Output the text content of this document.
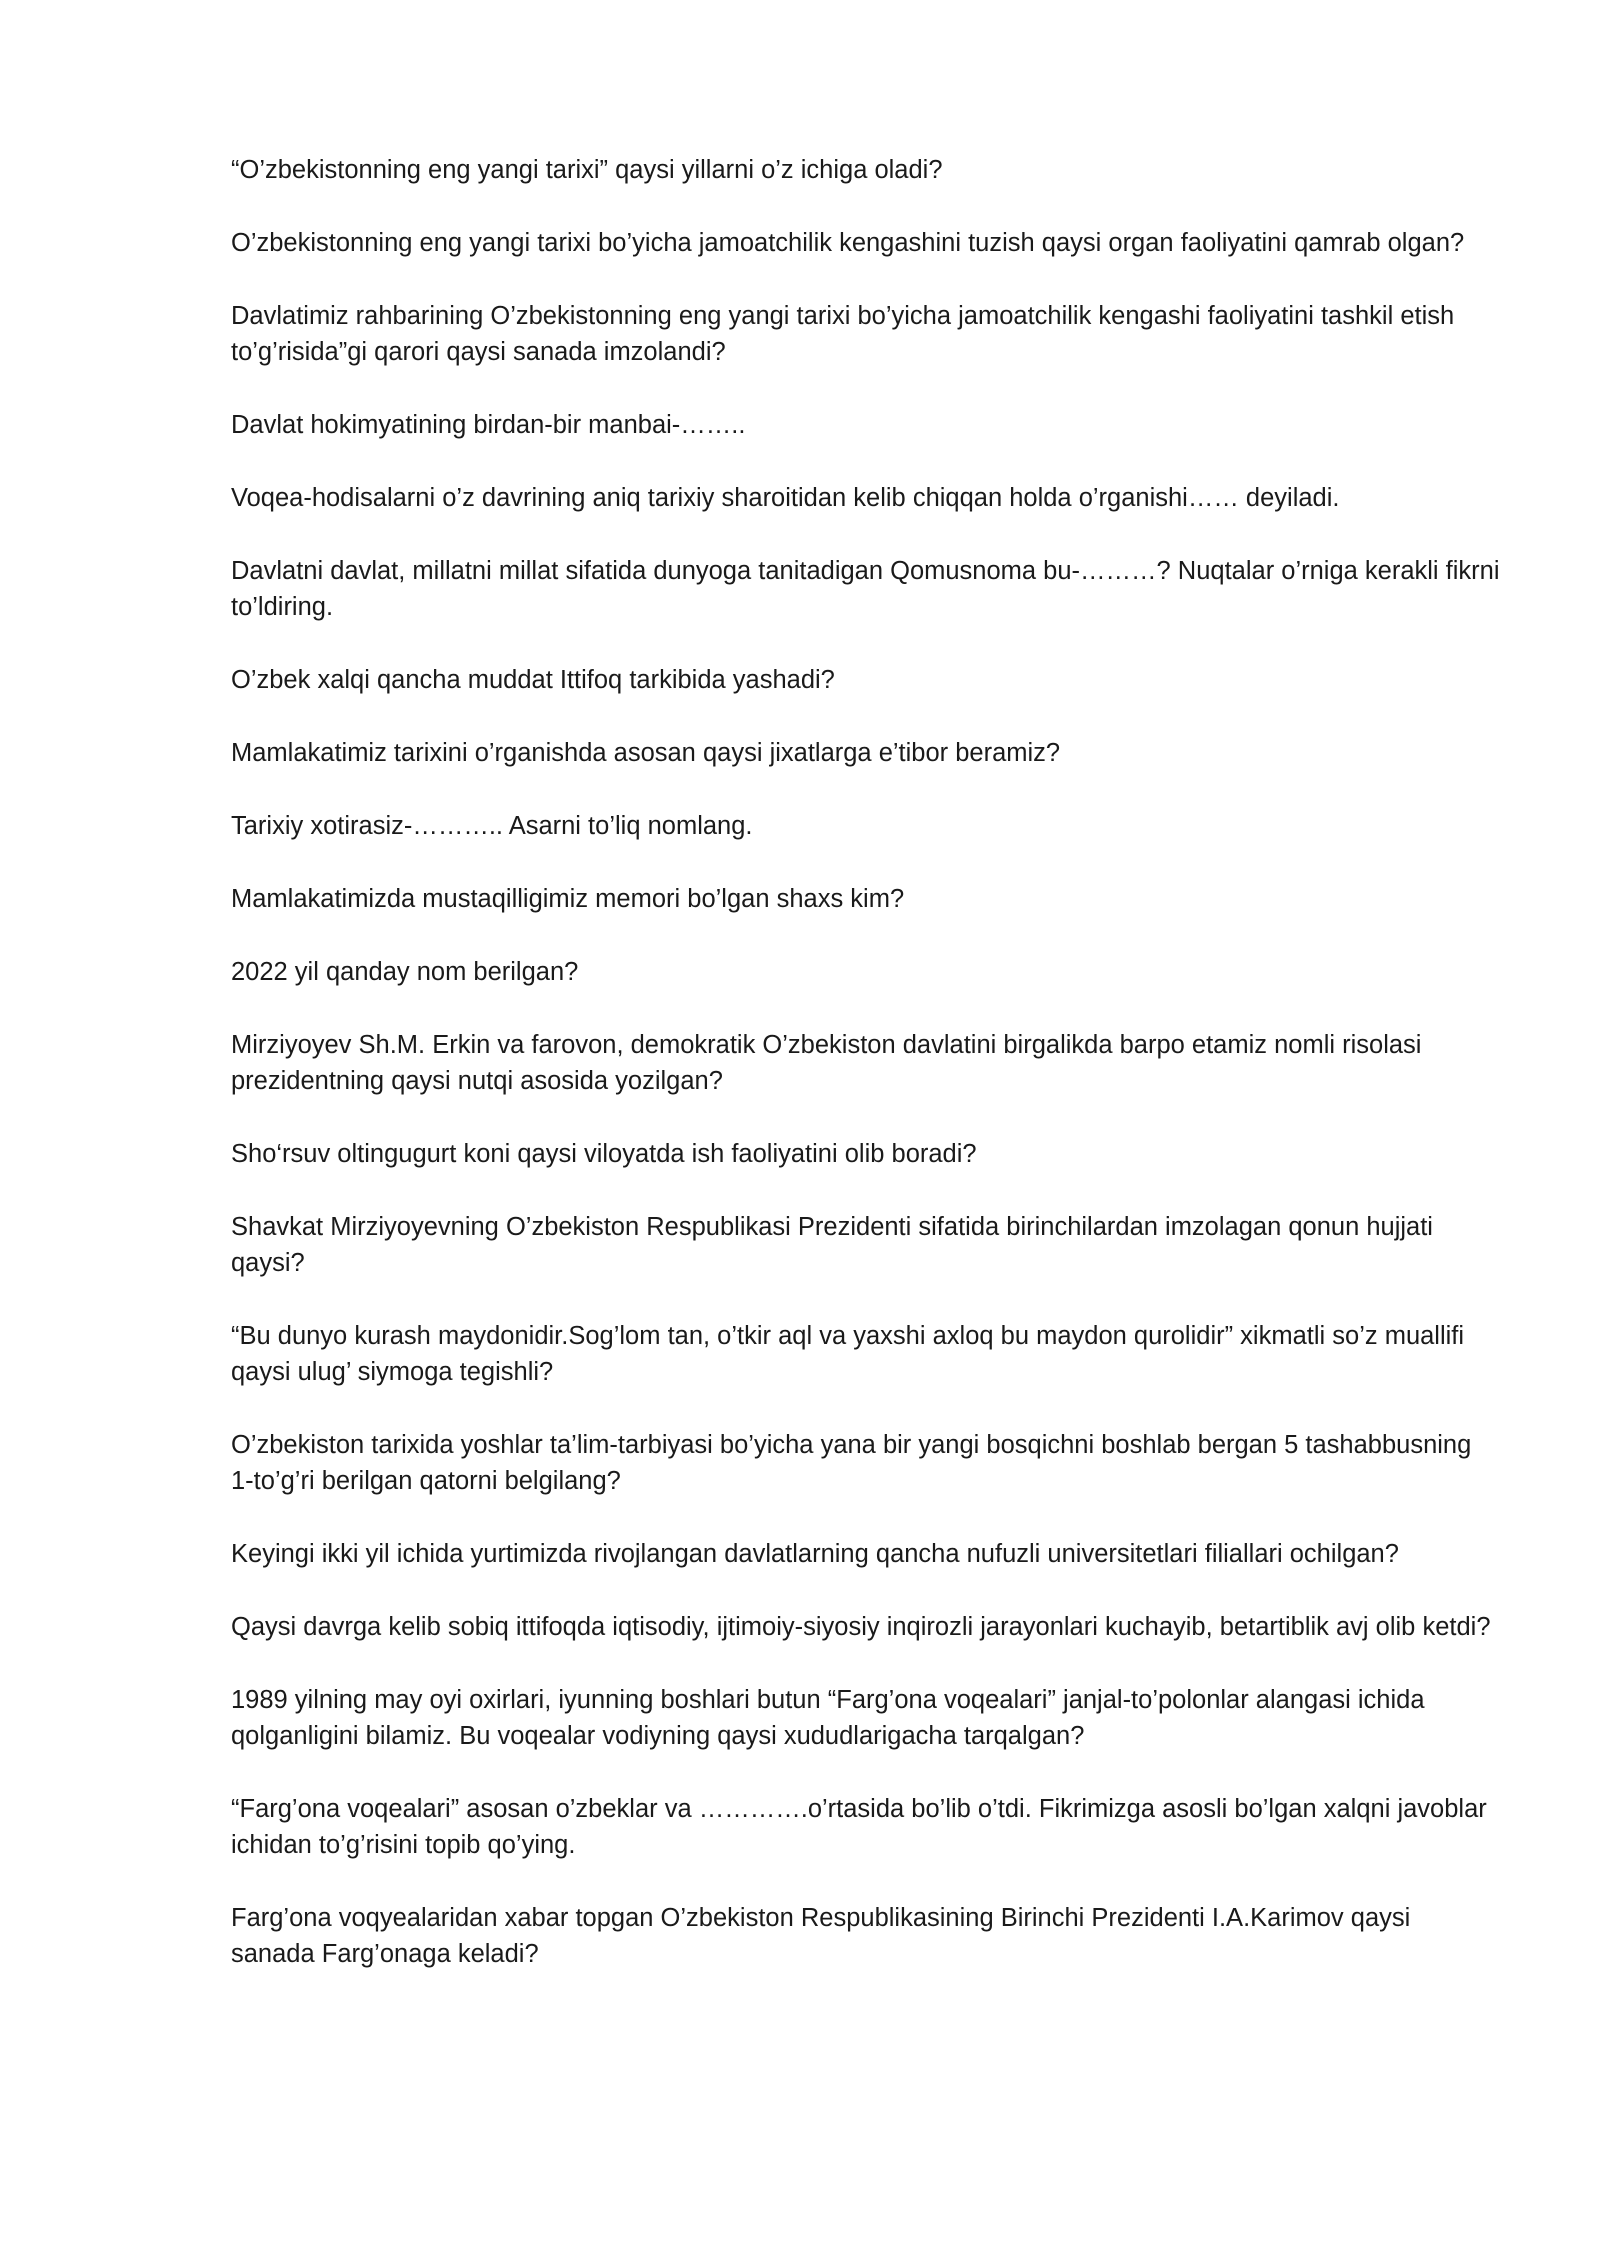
“O’zbekistonning eng yangi tarixi” qaysi yillarni o’z ichiga oladi?

O’zbekistonning eng yangi tarixi bo’yicha jamoatchilik kengashini tuzish qaysi organ faoliyatini qamrab olgan?

Davlatimiz rahbarining O’zbekistonning eng yangi tarixi bo’yicha jamoatchilik kengashi faoliyatini tashkil etish to’g’risida”gi qarori qaysi sanada imzolandi?

Davlat hokimyatining birdan-bir manbai-……..

Voqea-hodisalarni o’z davrining aniq tarixiy sharoitidan kelib chiqqan holda o’rganishi…… deyiladi.

Davlatni davlat, millatni millat sifatida dunyoga tanitadigan Qomusnoma bu-………? Nuqtalar o’rniga kerakli fikrni to’ldiring.

O’zbek xalqi qancha muddat Ittifoq tarkibida yashadi?

Mamlakatimiz tarixini o’rganishda asosan qaysi jixatlarga e’tibor beramiz?

Tarixiy xotirasiz-……….. Asarni to’liq nomlang.

Mamlakatimizda mustaqilligimiz memori bo’lgan shaxs kim?

2022 yil qanday nom berilgan?

Mirziyoyev Sh.M. Erkin va farovon, demokratik O’zbekiston davlatini birgalikda barpo etamiz nomli risolasi prezidentning qaysi nutqi asosida yozilgan?

Sho‘rsuv oltingugurt koni qaysi viloyatda ish faoliyatini olib boradi?

Shavkat Mirziyoyevning O’zbekiston Respublikasi Prezidenti sifatida birinchilardan imzolagan qonun hujjati qaysi?

“Bu dunyo kurash maydonidir.Sog’lom tan, o’tkir aql va yaxshi axloq bu maydon qurolidir” xikmatli so’z muallifi qaysi ulug’ siymoga tegishli?

O’zbekiston tarixida yoshlar ta’lim-tarbiyasi bo’yicha yana bir yangi bosqichni boshlab bergan 5 tashabbusning 1-to’g’ri berilgan qatorni belgilang?

Keyingi ikki yil ichida yurtimizda rivojlangan davlatlarning qancha nufuzli universitetlari filiallari ochilgan?

Qaysi davrga kelib sobiq ittifoqda iqtisodiy, ijtimoiy-siyosiy inqirozli jarayonlari kuchayib, betartiblik avj olib ketdi?

1989 yilning may oyi oxirlari, iyunning boshlari butun “Farg’ona voqealari” janjal-to’polonlar alangasi ichida qolganligini bilamiz. Bu voqealar vodiyning qaysi xududlarigacha tarqalgan?

“Farg’ona voqealari” asosan o’zbeklar va ………….o’rtasida bo’lib o’tdi. Fikrimizga asosli bo’lgan xalqni javoblar ichidan to’g’risini topib qo’ying.

Farg’ona voqyealaridan xabar topgan O’zbekiston Respublikasining Birinchi Prezidenti I.A.Karimov qaysi sanada Farg’onaga keladi?
